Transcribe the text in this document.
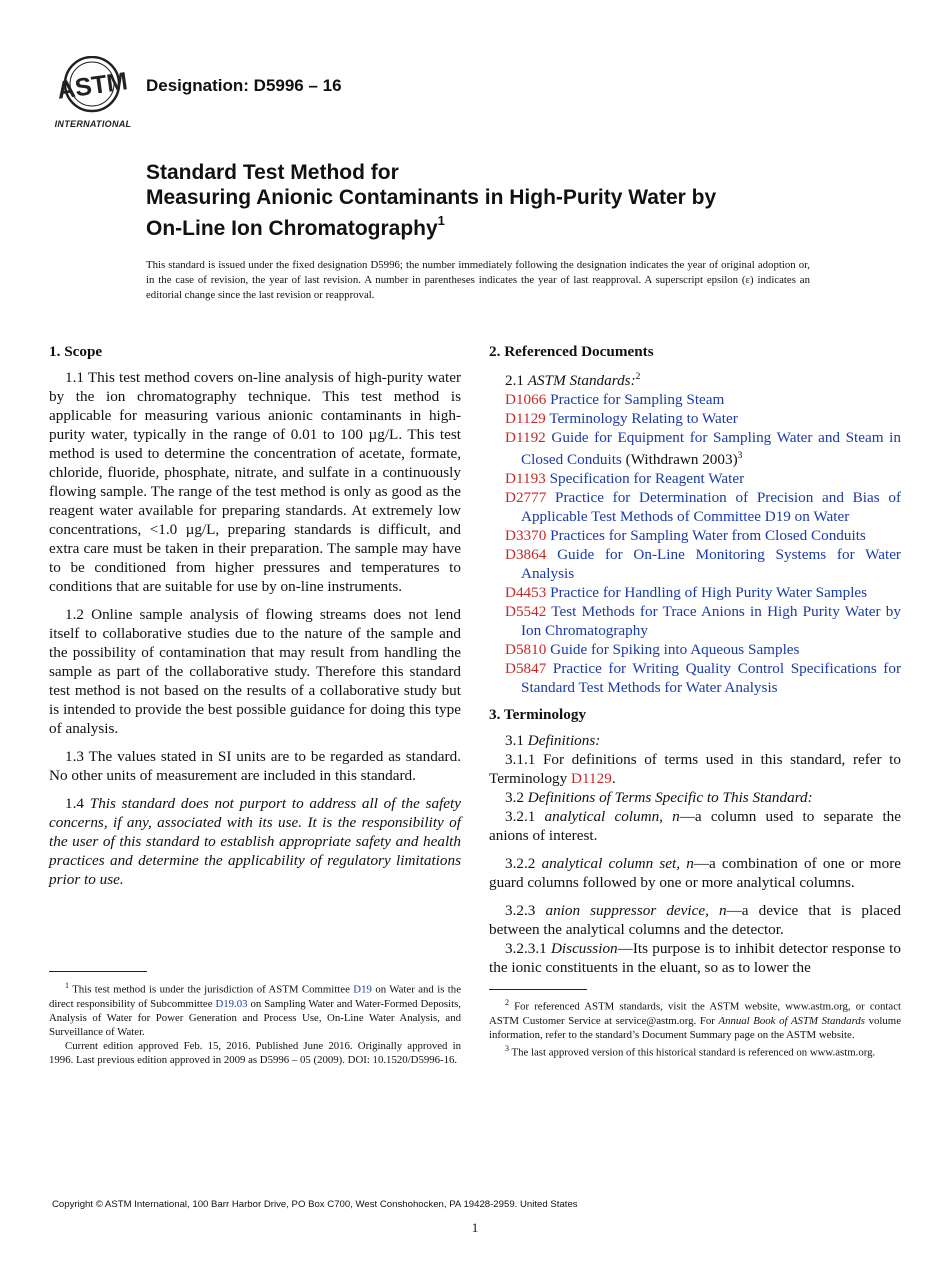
ASTM
INTERNATIONAL
Designation: D5996 – 16
Standard Test Method for
Measuring Anionic Contaminants in High-Purity Water by
On-Line Ion Chromatography$^1$
This standard is issued under the fixed designation D5996; the number immediately following the designation indicates the year of original adoption or, in the case of revision, the year of last revision. A number in parentheses indicates the year of last reapproval. A superscript epsilon (ε) indicates an editorial change since the last revision or reapproval.
1. Scope

1.1 This test method covers on-line analysis of high-purity water by the ion chromatography technique. This test method is applicable for measuring various anionic contaminants in high-purity water, typically in the range of 0.01 to 100 µg/L. This test method is used to determine the concentration of acetate, formate, chloride, fluoride, phosphate, nitrate, and sulfate in a continuously flowing sample. The range of the test method is only as good as the reagent water available for preparing standards. At extremely low concentrations, <1.0 µg/L, preparing standards is difficult, and extra care must be taken in their preparation. The sample may have to be conditioned from higher pressures and temperatures to conditions that are suitable for use by on-line instruments.

1.2 Online sample analysis of flowing streams does not lend itself to collaborative studies due to the nature of the sample and the possibility of contamination that may result from handling the sample as part of the collaborative study. Therefore this standard test method is not based on the results of a collaborative study but is intended to provide the best possible guidance for doing this type of analysis.

1.3 The values stated in SI units are to be regarded as standard. No other units of measurement are included in this standard.

1.4 This standard does not purport to address all of the safety concerns, if any, associated with its use. It is the responsibility of the user of this standard to establish appropriate safety and health practices and determine the applicability of regulatory limitations prior to use.

$^1$ This test method is under the jurisdiction of ASTM Committee D19 on Water and is the direct responsibility of Subcommittee D19.03 on Sampling Water and Water-Formed Deposits, Analysis of Water for Power Generation and Process Use, On-Line Water Analysis, and Surveillance of Water.

Current edition approved Feb. 15, 2016. Published June 2016. Originally approved in 1996. Last previous edition approved in 2009 as D5996 – 05 (2009). DOI: 10.1520/D5996-16.

2. Referenced Documents
2.1 ASTM Standards:$^2$

D1066 Practice for Sampling Steam

D1129 Terminology Relating to Water

D1192 Guide for Equipment for Sampling Water and Steam in Closed Conduits (Withdrawn 2003)$^3$

D1193 Specification for Reagent Water

D2777 Practice for Determination of Precision and Bias of Applicable Test Methods of Committee D19 on Water

D3370 Practices for Sampling Water from Closed Conduits

D3864 Guide for On-Line Monitoring Systems for Water Analysis

D4453 Practice for Handling of High Purity Water Samples

D5542 Test Methods for Trace Anions in High Purity Water by Ion Chromatography

D5810 Guide for Spiking into Aqueous Samples

D5847 Practice for Writing Quality Control Specifications for Standard Test Methods for Water Analysis

3. Terminology
3.1 Definitions:

3.1.1 For definitions of terms used in this standard, refer to Terminology D1129.

3.2 Definitions of Terms Specific to This Standard:

3.2.1 analytical column, n—a column used to separate the anions of interest.

3.2.2 analytical column set, n—a combination of one or more guard columns followed by one or more analytical columns.

3.2.3 anion suppressor device, n—a device that is placed between the analytical columns and the detector.

3.2.3.1 Discussion—Its purpose is to inhibit detector response to the ionic constituents in the eluant, so as to lower the

$^2$ For referenced ASTM standards, visit the ASTM website, www.astm.org, or contact ASTM Customer Service at service@astm.org. For Annual Book of ASTM Standards volume information, refer to the standard’s Document Summary page on the ASTM website.

$^3$ The last approved version of this historical standard is referenced on www.astm.org.

Copyright © ASTM International, 100 Barr Harbor Drive, PO Box C700, West Conshohocken, PA 19428-2959. United States
1
